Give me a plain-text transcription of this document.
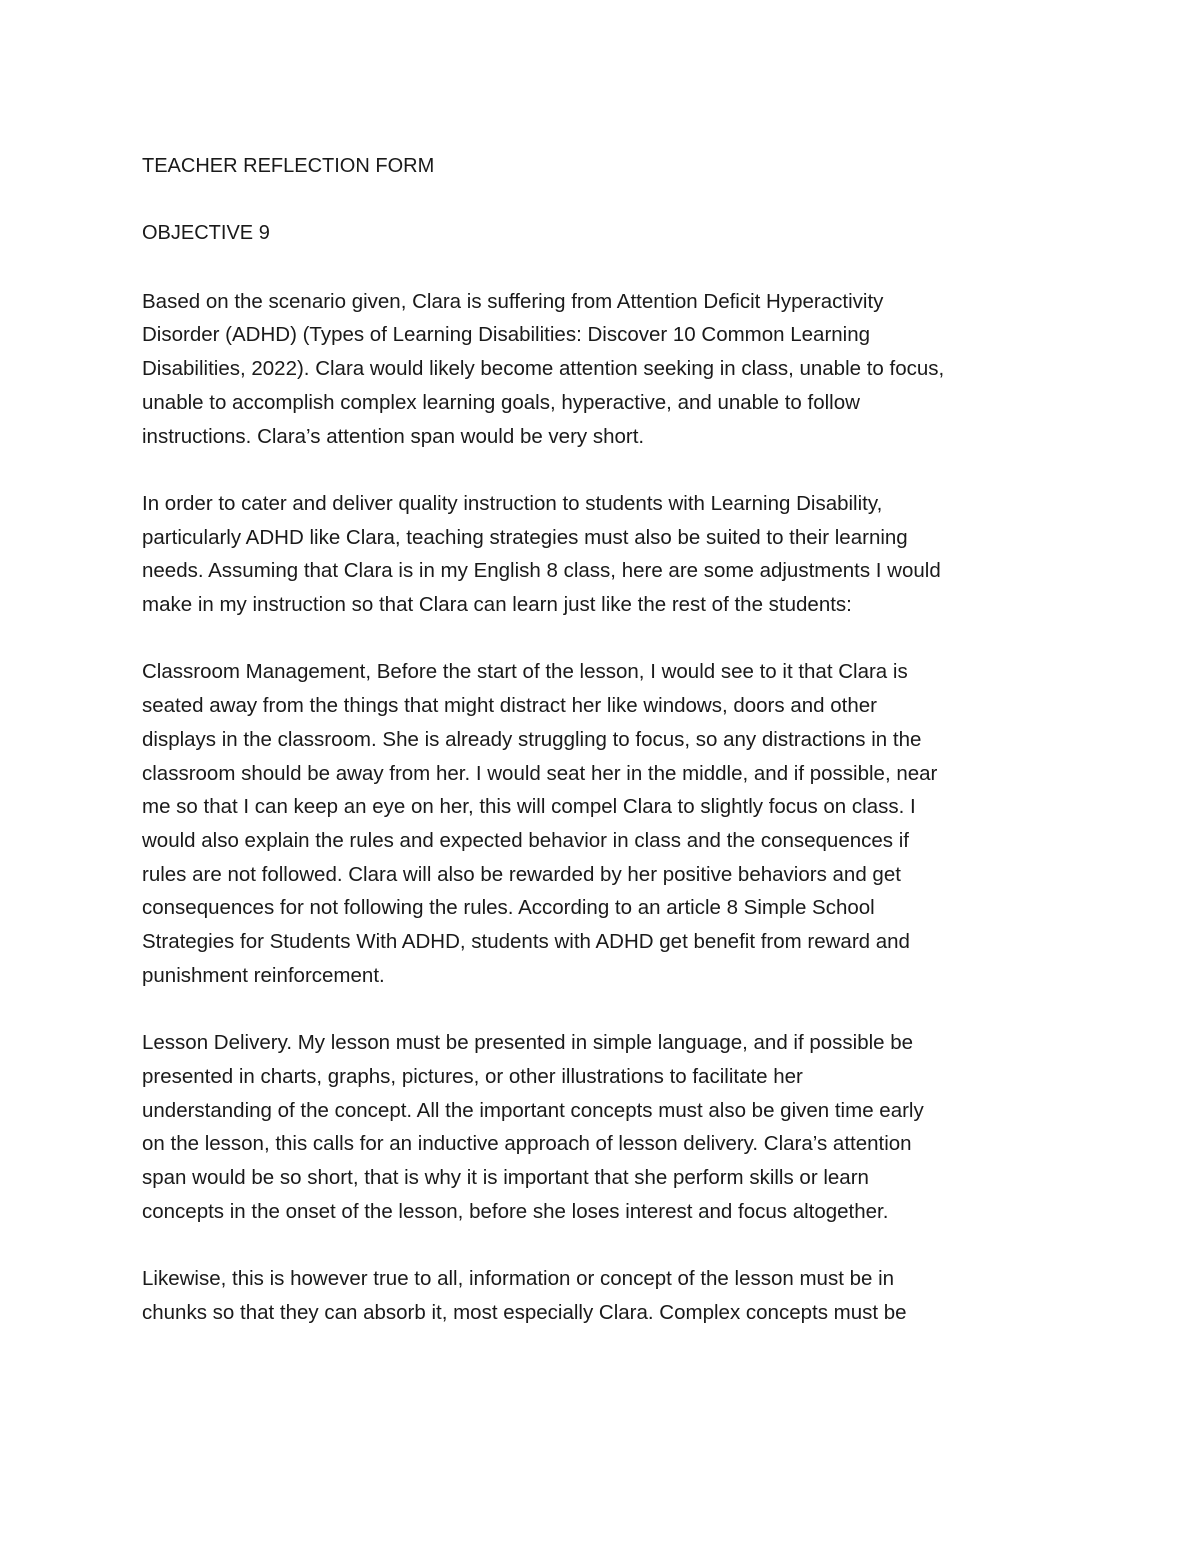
TEACHER REFLECTION FORM

OBJECTIVE 9

Based on the scenario given, Clara is suffering from Attention Deficit Hyperactivity
Disorder (ADHD) (Types of Learning Disabilities: Discover 10 Common Learning
Disabilities, 2022). Clara would likely become attention seeking in class, unable to focus,
unable to accomplish complex learning goals, hyperactive, and unable to follow
instructions. Clara’s attention span would be very short.
In order to cater and deliver quality instruction to students with Learning Disability,
particularly ADHD like Clara, teaching strategies must also be suited to their learning
needs. Assuming that Clara is in my English 8 class, here are some adjustments I would
make in my instruction so that Clara can learn just like the rest of the students:
Classroom Management, Before the start of the lesson, I would see to it that Clara is
seated away from the things that might distract her like windows, doors and other
displays in the classroom. She is already struggling to focus, so any distractions in the
classroom should be away from her. I would seat her in the middle, and if possible, near
me so that I can keep an eye on her, this will compel Clara to slightly focus on class. I
would also explain the rules and expected behavior in class and the consequences if
rules are not followed. Clara will also be rewarded by her positive behaviors and get
consequences for not following the rules. According to an article 8 Simple School
Strategies for Students With ADHD, students with ADHD get benefit from reward and
punishment reinforcement.
Lesson Delivery. My lesson must be presented in simple language, and if possible be
presented in charts, graphs, pictures, or other illustrations to facilitate her
understanding of the concept. All the important concepts must also be given time early
on the lesson, this calls for an inductive approach of lesson delivery. Clara’s attention
span would be so short, that is why it is important that she perform skills or learn
concepts in the onset of the lesson, before she loses interest and focus altogether.
Likewise, this is however true to all, information or concept of the lesson must be in
chunks so that they can absorb it, most especially Clara. Complex concepts must be
